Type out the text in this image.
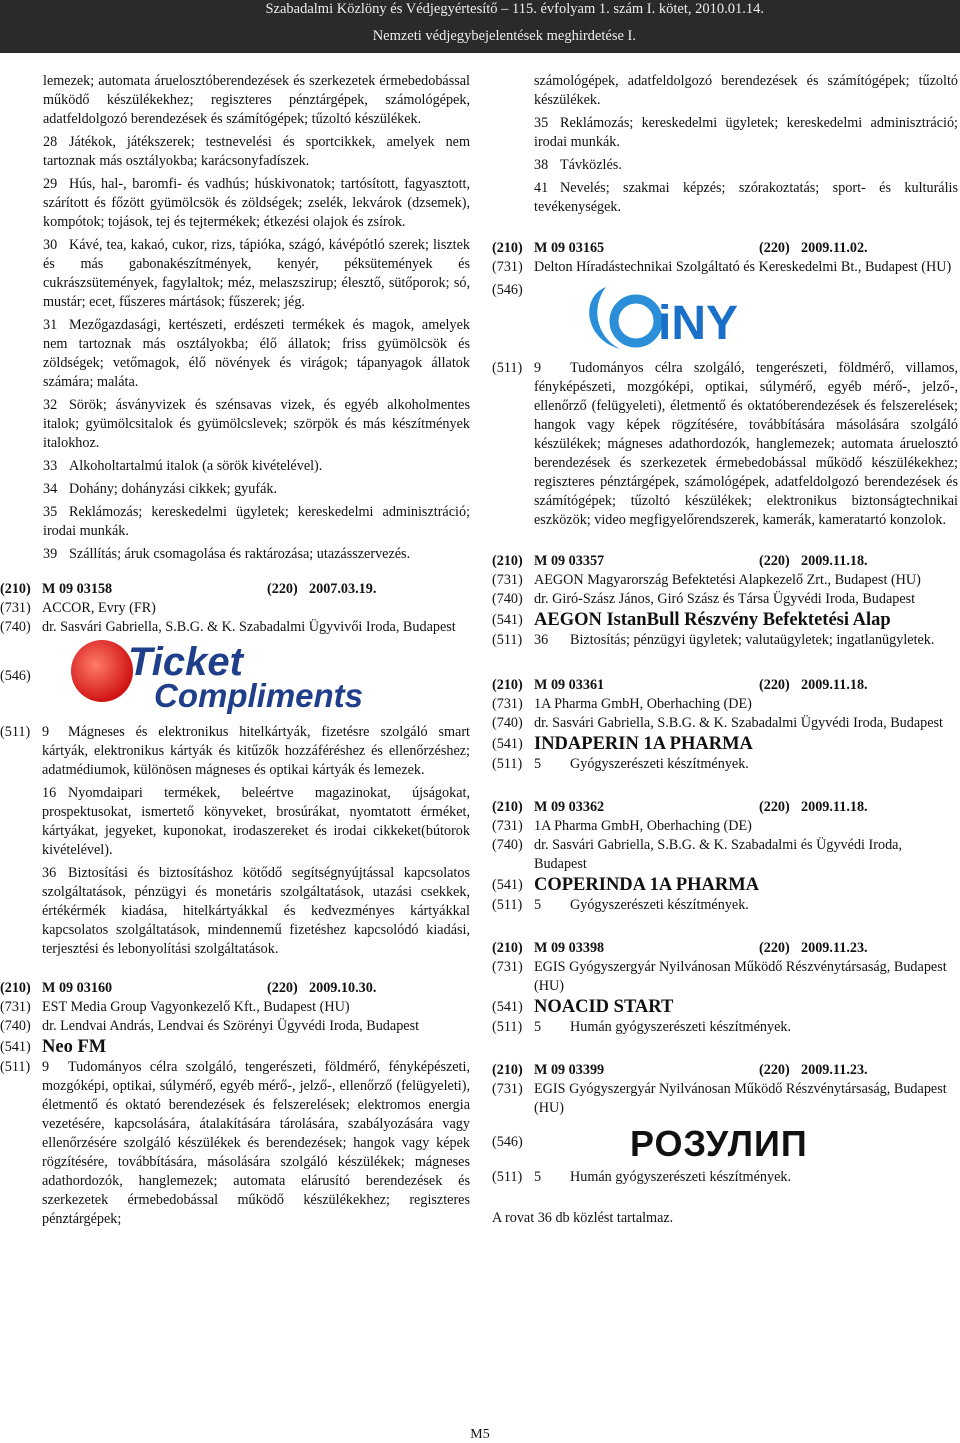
Szabadalmi Közlöny és Védjegyértesítő – 115. évfolyam 1. szám I. kötet, 2010.01.14.
Nemzeti védjegybejelentések meghirdetése I.

lemezek; automata áruelosztóberendezések és szerkezetek érmebedobással működő készülékekhez; regiszteres pénztárgépek, számológépek, adatfeldolgozó berendezések és számítógépek; tűzoltó készülékek.

28 Játékok, játékszerek; testnevelési és sportcikkek, amelyek nem tartoznak más osztályokba; karácsonyfadíszek.

29 Hús, hal-, baromfi- és vadhús; húskivonatok; tartósított, fagyasztott, szárított és főzött gyümölcsök és zöldségek; zselék, lekvárok (dzsemek), kompótok; tojások, tej és tejtermékek; étkezési olajok és zsírok.

30 Kávé, tea, kakaó, cukor, rizs, tápióka, szágó, kávépótló szerek; lisztek és más gabonakészítmények, kenyér, péksütemények és cukrászsütemények, fagylaltok; méz, melaszszirup; élesztő, sütőporok; só, mustár; ecet, fűszeres mártások; fűszerek; jég.

31 Mezőgazdasági, kertészeti, erdészeti termékek és magok, amelyek nem tartoznak más osztályokba; élő állatok; friss gyümölcsök és zöldségek; vetőmagok, élő növények és virágok; tápanyagok állatok számára; maláta.

32 Sörök; ásványvizek és szénsavas vizek, és egyéb alkoholmentes italok; gyümölcsitalok és gyümölcslevek; szörpök és más készítmények italokhoz.

33 Alkoholtartalmú italok (a sörök kivételével).

34 Dohány; dohányzási cikkek; gyufák.

35 Reklámozás; kereskedelmi ügyletek; kereskedelmi adminisztráció; irodai munkák.

39 Szállítás; áruk csomagolása és raktározása; utazásszervezés.

(210) M 09 03158	(220) 2007.03.19.
(731) ACCOR, Evry (FR)
(740) dr. Sasvári Gabriella, S.B.G. & K. Szabadalmi Ügyvivői Iroda, Budapest
(546) Ticket
Compliments
(511) 9 Mágneses és elektronikus hitelkártyák, fizetésre szolgáló smart kártyák, elektronikus kártyák és kitűzők hozzáféréshez és ellenőrzéshez; adatmédiumok, különösen mágneses és optikai kártyák és lemezek.

16 Nyomdaipari termékek, beleértve magazinokat, újságokat, prospektusokat, ismertető könyveket, brosúrákat, nyomtatott érméket, kártyákat, jegyeket, kuponokat, irodaszereket és irodai cikkeket(bútorok kivételével).

36 Biztosítási és biztosításhoz kötődő segítségnyújtással kapcsolatos szolgáltatások, pénzügyi és monetáris szolgáltatások, utazási csekkek, értékérmék kiadása, hitelkártyákkal és kedvezményes kártyákkal kapcsolatos szolgáltatások, mindennemű fizetéshez kapcsolódó kiadási, terjesztési és lebonyolítási szolgáltatások.

(210) M 09 03160	(220) 2009.10.30.
(731) EST Media Group Vagyonkezelő Kft., Budapest (HU)
(740) dr. Lendvai András, Lendvai és Szörényi Ügyvédi Iroda, Budapest
(541) Neo FM
(511) 9 Tudományos célra szolgáló, tengerészeti, földmérő, fényképészeti, mozgóképi, optikai, súlymérő, egyéb mérő-, jelző-, ellenőrző (felügyeleti), életmentő és oktató berendezések és felszerelések; elektromos energia vezetésére, kapcsolására, átalakítására tárolására, szabályozására vagy ellenőrzésére szolgáló készülékek és berendezések; hangok vagy képek rögzítésére, továbbítására, másolására szolgáló készülékek; mágneses adathordozók, hanglemezek; automata elárusító berendezések és szerkezetek érmebedobással működő készülékekhez; regiszteres pénztárgépek;

számológépek, adatfeldolgozó berendezések és számítógépek; tűzoltó készülékek.

35 Reklámozás; kereskedelmi ügyletek; kereskedelmi adminisztráció; irodai munkák.

38 Távközlés.

41 Nevelés; szakmai képzés; szórakoztatás; sport- és kulturális tevékenységek.

(210) M 09 03165	(220) 2009.11.02.
(731) Delton Híradástechnikai Szolgáltató és Kereskedelmi Bt., Budapest (HU)
(546)
iNY
(511) 9 Tudományos célra szolgáló, tengerészeti, földmérő, villamos, fényképészeti, mozgóképi, optikai, súlymérő, egyéb mérő-, jelző-, ellenőrző (felügyeleti), életmentő és oktatóberendezések és felszerelések; hangok vagy képek rögzítésére, továbbítására másolására szolgáló készülékek; mágneses adathordozók, hanglemezek; automata áruelosztó berendezések és szerkezetek érmebedobással működő készülékekhez; regiszteres pénztárgépek, számológépek, adatfeldolgozó berendezések és számítógépek; tűzoltó készülékek; elektronikus biztonságtechnikai eszközök; video megfigyelőrendszerek, kamerák, kameratartó konzolok.

(210) M 09 03357	(220) 2009.11.18.
(731) AEGON Magyarország Befektetési Alapkezelő Zrt., Budapest (HU)
(740) dr. Giró-Szász János, Giró Szász és Társa Ügyvédi Iroda, Budapest
(541) AEGON IstanBull Részvény Befektetési Alap
(511) 36 Biztosítás; pénzügyi ügyletek; valutaügyletek; ingatlanügyletek.

(210) M 09 03361	(220) 2009.11.18.
(731) 1A Pharma GmbH, Oberhaching (DE)
(740) dr. Sasvári Gabriella, S.B.G. & K. Szabadalmi Ügyvédi Iroda, Budapest
(541) INDAPERIN 1A PHARMA
(511) 5 Gyógyszerészeti készítmények.

(210) M 09 03362	(220) 2009.11.18.
(731) 1A Pharma GmbH, Oberhaching (DE)
(740) dr. Sasvári Gabriella, S.B.G. & K. Szabadalmi és Ügyvédi Iroda, Budapest
(541) COPERINDA 1A PHARMA
(511) 5 Gyógyszerészeti készítmények.

(210) M 09 03398	(220) 2009.11.23.
(731) EGIS Gyógyszergyár Nyilvánosan Működő Részvénytársaság, Budapest (HU)
(541) NOACID START
(511) 5 Humán gyógyszerészeti készítmények.

(210) M 09 03399	(220) 2009.11.23.
(731) EGIS Gyógyszergyár Nyilvánosan Működő Részvénytársaság, Budapest (HU)
(546)	РОЗУЛИП
(511) 5 Humán gyógyszerészeti készítmények.

A rovat 36 db közlést tartalmaz.
M5
